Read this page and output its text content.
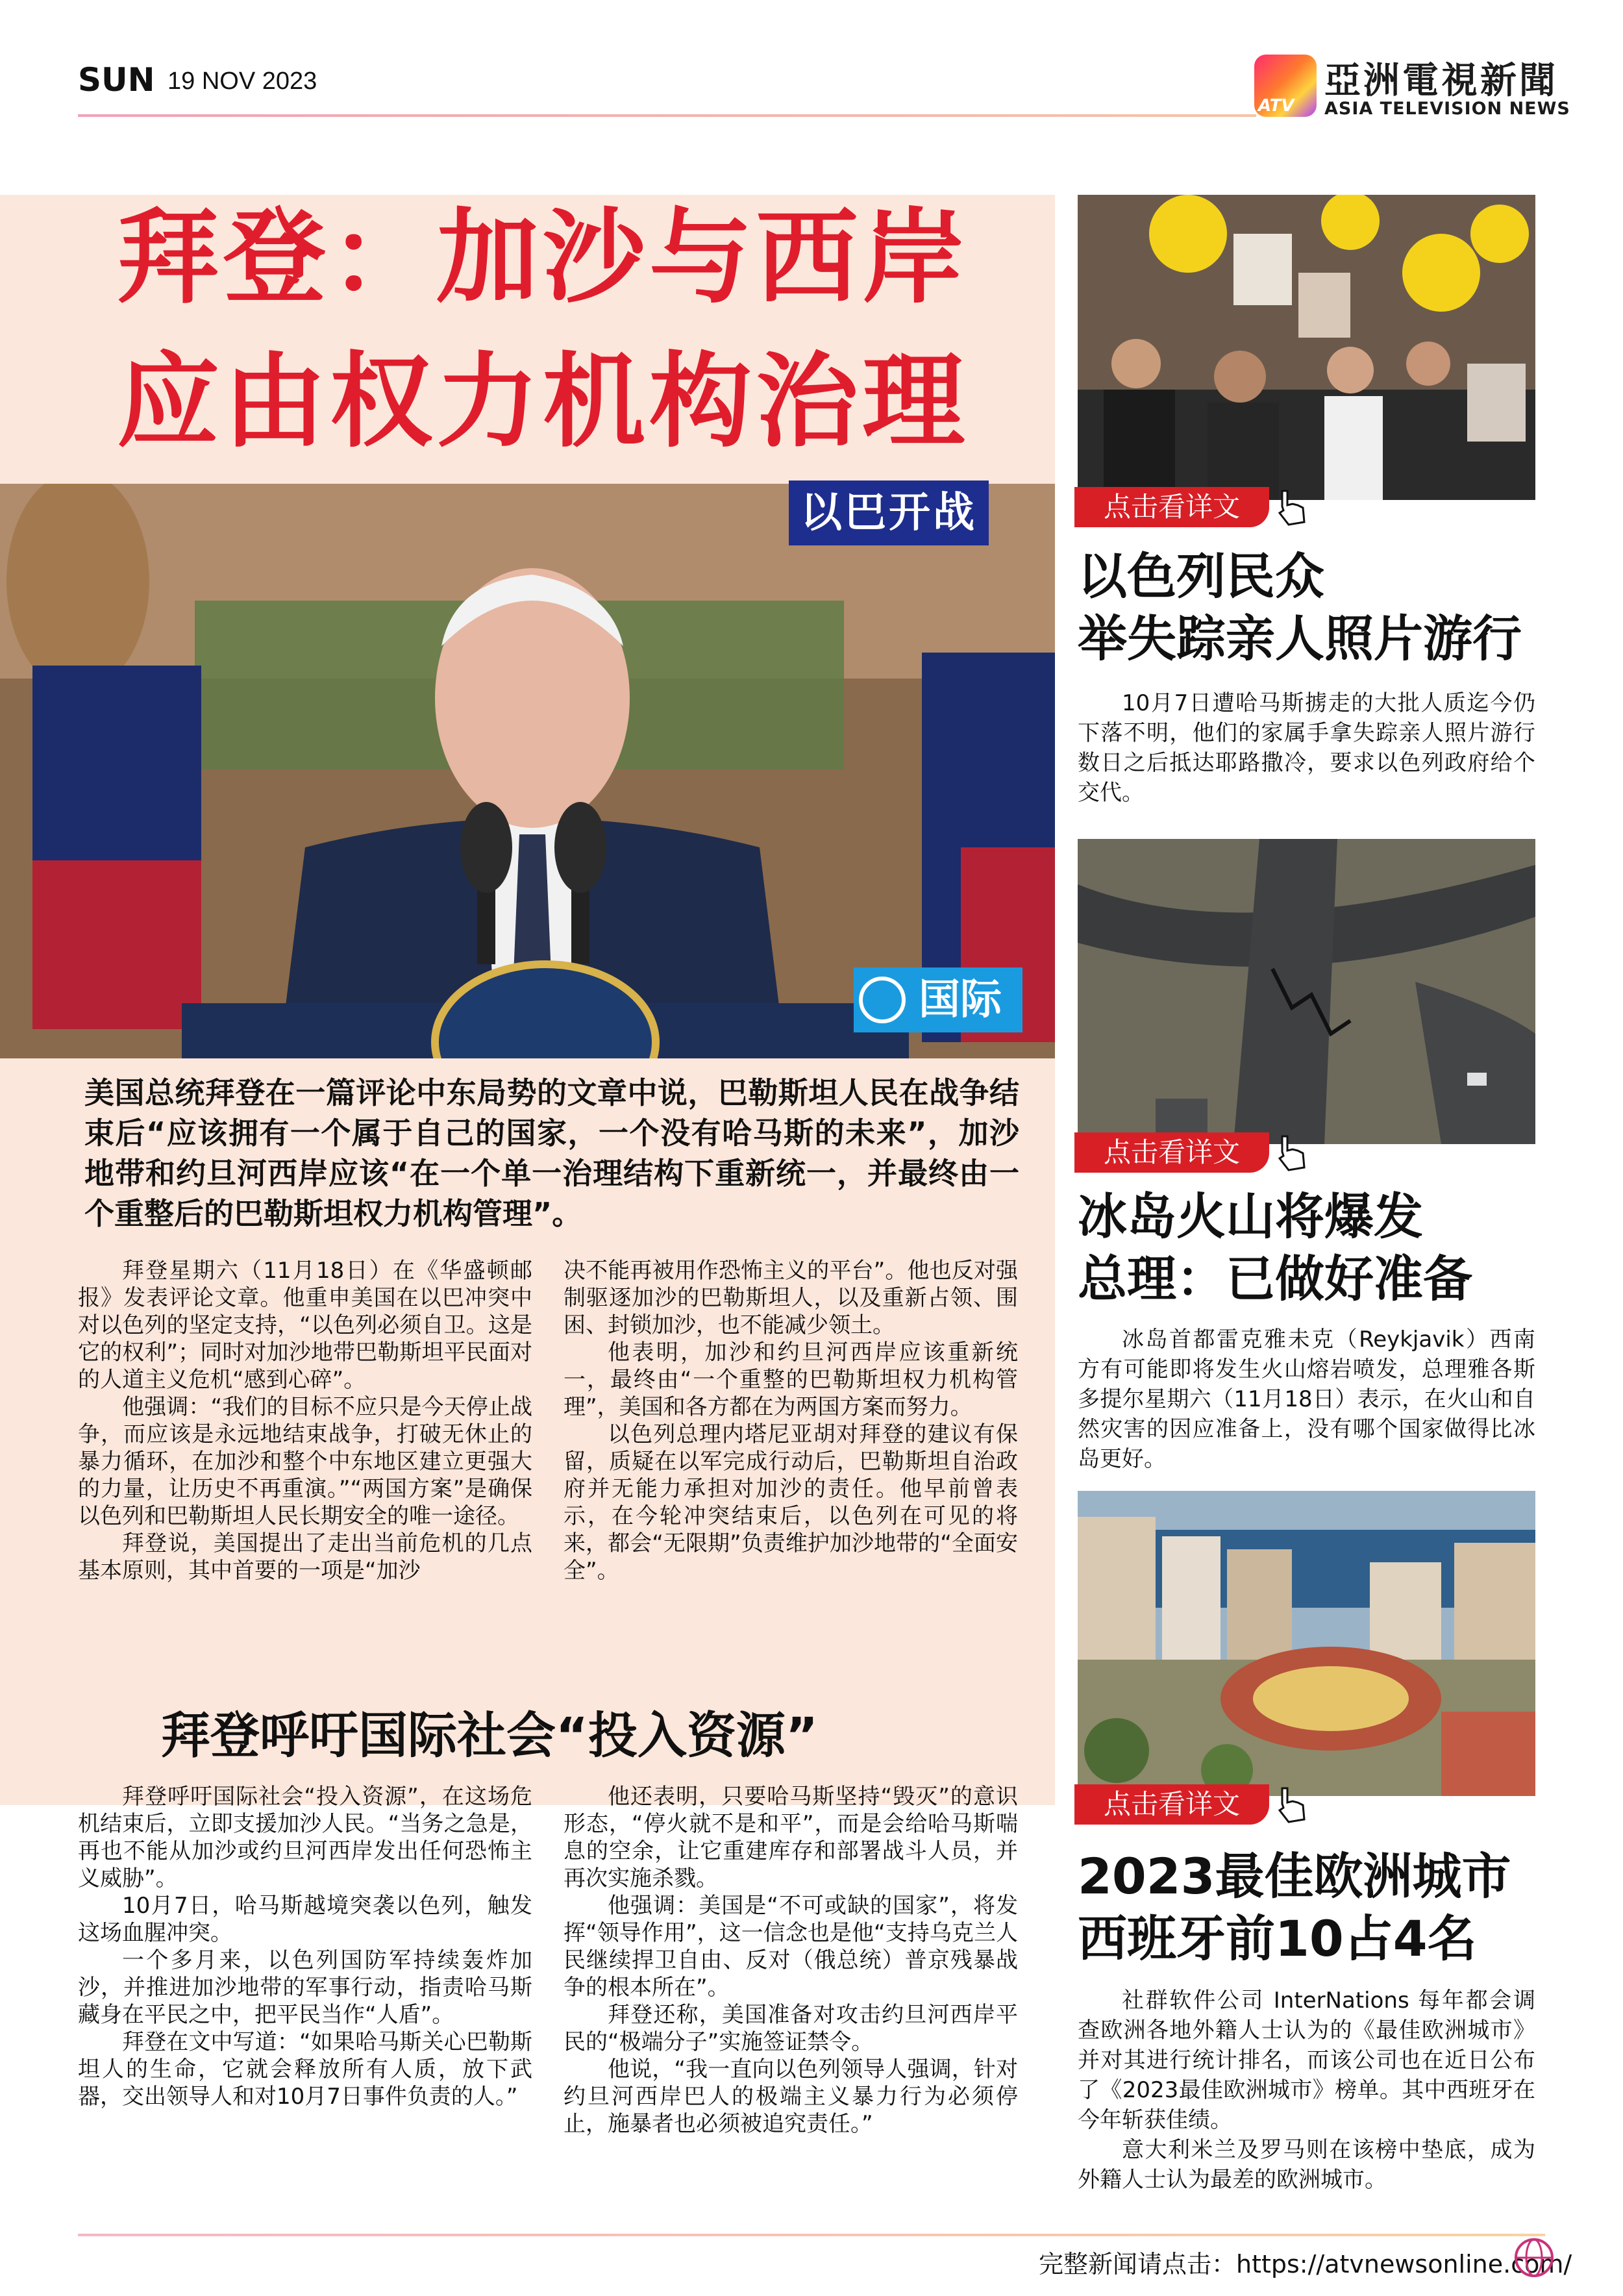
SUN 19 NOV 2023
ATV
亞洲電視新聞
ASIA TELEVISION NEWS
拜登：加沙与西岸
应由权力机构治理
以巴开战
国际
美国总统拜登在一篇评论中东局势的文章中说，巴勒斯坦人民在战争结束后“应该拥有一个属于自己的国家，一个没有哈马斯的未来”，加沙地带和约旦河西岸应该“在一个单一治理结构下重新统一，并最终由一个重整后的巴勒斯坦权力机构管理”。

拜登星期六（11月18日）在《华盛顿邮报》发表评论文章。他重申美国在以巴冲突中对以色列的坚定支持，“以色列必须自卫。这是它的权利”；同时对加沙地带巴勒斯坦平民面对的人道主义危机“感到心碎”。

他强调：“我们的目标不应只是今天停止战争，而应该是永远地结束战争，打破无休止的暴力循环，在加沙和整个中东地区建立更强大的力量，让历史不再重演。”“两国方案”是确保以色列和巴勒斯坦人民长期安全的唯一途径。

拜登说，美国提出了走出当前危机的几点基本原则，其中首要的一项是“加沙

决不能再被用作恐怖主义的平台”。他也反对强制驱逐加沙的巴勒斯坦人，以及重新占领、围困、封锁加沙，也不能减少领土。

他表明，加沙和约旦河西岸应该重新统一，最终由“一个重整的巴勒斯坦权力机构管理”，美国和各方都在为两国方案而努力。

以色列总理内塔尼亚胡对拜登的建议有保留，质疑在以军完成行动后，巴勒斯坦自治政府并无能力承担对加沙的责任。他早前曾表示，在今轮冲突结束后，以色列在可见的将来，都会“无限期”负责维护加沙地带的“全面安全”。

拜登呼吁国际社会“投入资源”

拜登呼吁国际社会“投入资源”，在这场危机结束后，立即支援加沙人民。“当务之急是，再也不能从加沙或约旦河西岸发出任何恐怖主义威胁”。

10月7日，哈马斯越境突袭以色列，触发这场血腥冲突。

一个多月来，以色列国防军持续轰炸加沙，并推进加沙地带的军事行动，指责哈马斯藏身在平民之中，把平民当作“人盾”。

拜登在文中写道：“如果哈马斯关心巴勒斯坦人的生命，它就会释放所有人质，放下武器，交出领导人和对10月7日事件负责的人。”

他还表明，只要哈马斯坚持“毁灭”的意识形态，“停火就不是和平”，而是会给哈马斯喘息的空余，让它重建库存和部署战斗人员，并再次实施杀戮。

他强调：美国是“不可或缺的国家”，将发挥“领导作用”，这一信念也是他“支持乌克兰人民继续捍卫自由、反对（俄总统）普京残暴战争的根本所在”。

拜登还称，美国准备对攻击约旦河西岸平民的“极端分子”实施签证禁令。

他说，“我一直向以色列领导人强调，针对约旦河西岸巴人的极端主义暴力行为必须停止，施暴者也必须被追究责任。”

点击看详文
以色列民众
举失踪亲人照片游行

10月7日遭哈马斯掳走的大批人质迄今仍下落不明，他们的家属手拿失踪亲人照片游行数日之后抵达耶路撒冷，要求以色列政府给个交代。

点击看详文
冰岛火山将爆发
总理：已做好准备

冰岛首都雷克雅未克（Reykjavik）西南方有可能即将发生火山熔岩喷发，总理雅各斯多提尔星期六（11月18日）表示，在火山和自然灾害的因应准备上，没有哪个国家做得比冰岛更好。

点击看详文
2023最佳欧洲城市
西班牙前10占4名

社群软件公司 InterNations 每年都会调查欧洲各地外籍人士认为的《最佳欧洲城市》并对其进行统计排名，而该公司也在近日公布了《2023最佳欧洲城市》榜单。其中西班牙在今年斩获佳绩。

意大利米兰及罗马则在该榜中垫底，成为外籍人士认为最差的欧洲城市。

完整新闻请点击：https://atvnewsonline.com/
